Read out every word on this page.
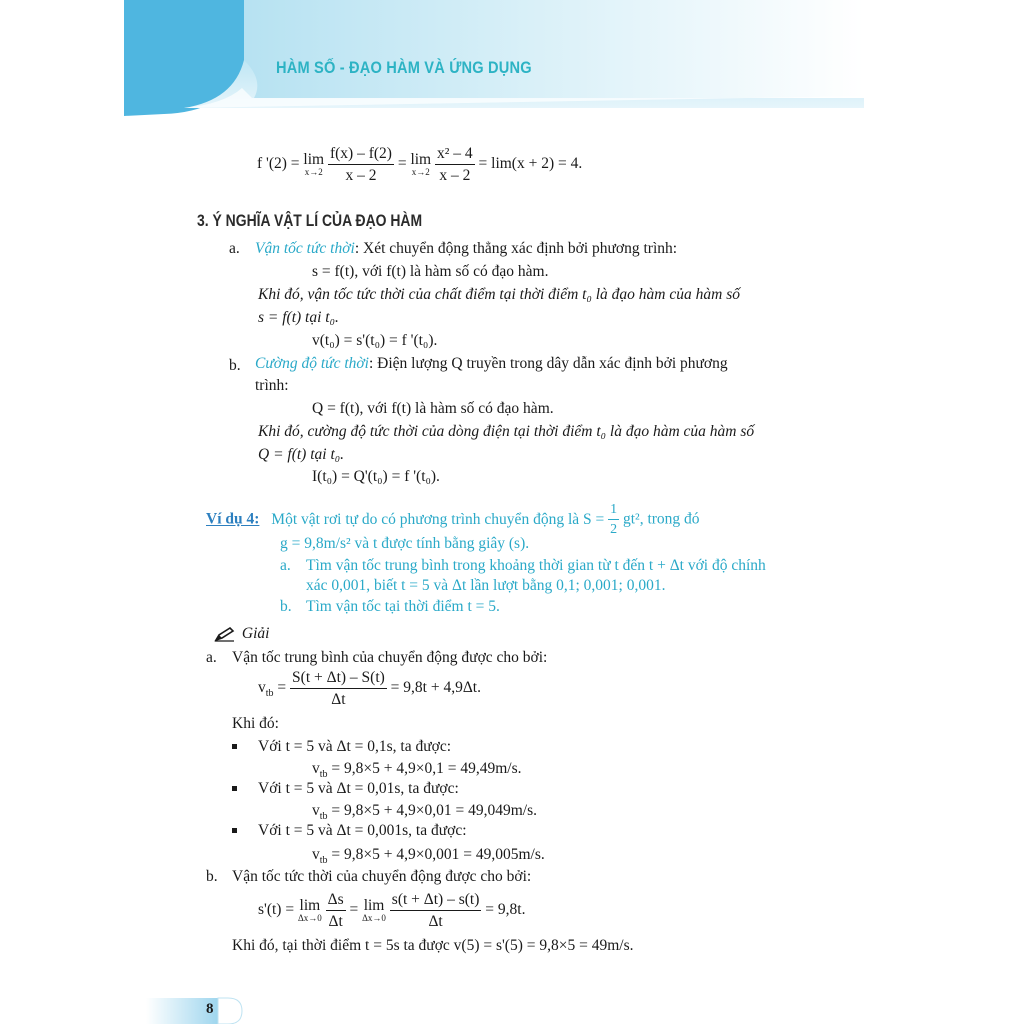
HÀM SỐ - ĐẠO HÀM VÀ ỨNG DỤNG
f '(2) = lim
x→2
$\frac{f(x) - f(2)}{x - 2} = \lim$
x→2
$\frac{\text{x² – 4}}{x - 2} = \lim(x + 2) = 4$.
3. Ý NGHĨA VẬT LÍ CỦA ĐẠO HÀM
a. Vận tốc tức thời: Xét chuyển động thẳng xác định bởi phương trình:
s = f(t), với f(t) là hàm số có đạo hàm.
Khi đó, vận tốc tức thời của chất điểm tại thời điểm t₀ là đạo hàm của hàm số
s = f(t) tại t₀.
v(t₀) = s'(t₀) = f '(t₀).
b. Cường độ tức thời: Điện lượng Q truyền trong dây dẫn xác định bởi phương
trình:
Q = f(t), với f(t) là hàm số có đạo hàm.
Khi đó, cường độ tức thời của dòng điện tại thời điểm t₀ là đạo hàm của hàm số
Q = f(t) tại t₀.
I(t₀) = Q'(t₀) = f '(t₀).
Ví dụ 4: Một vật rơi tự do có phương trình chuyển động là $S = \frac{1}{2} gt^2$, trong đó
g = 9,8m/s² và t được tính bằng giây (s).
a. Tìm vận tốc trung bình trong khoảng thời gian từ t đến t + Δt với độ chính
xác 0,001, biết t = 5 và Δt lần lượt bằng 0,1; 0,001; 0,001.
b. Tìm vận tốc tại thời điểm t = 5.
Giải
a. Vận tốc trung bình của chuyển động được cho bởi:
$v_{tb} = \frac{S(t + \Delta t) - S(t)}{\Delta t} = 9,8t + 4,9\Delta t$.
Khi đó:
Với t = 5 và Δt = 0,1s, ta được:
$v_{tb} = 9,8\times 5 + 4,9\times 0,1 = 49,49m/s$.
Với t = 5 và Δt = 0,01s, ta được:
$v_{tb} = 9,8\times 5 + 4,9\times 0,01 = 49,049m/s$.
Với t = 5 và Δt = 0,001s, ta được:
$v_{tb} = 9,8\times 5 + 4,9\times 0,001 = 49,005m/s$.
b. Vận tốc tức thời của chuyển động được cho bởi:
s'(t) = lim
Δx→0
$\frac{\Delta s}{\Delta t} = \lim$
Δx→0
$\frac{s(t + \Delta t) - s(t)}{\Delta t} = 9,8t$.
Khi đó, tại thời điểm t = 5s ta được v(5) = s'(5) = 9,8×5 = 49m/s.
8
